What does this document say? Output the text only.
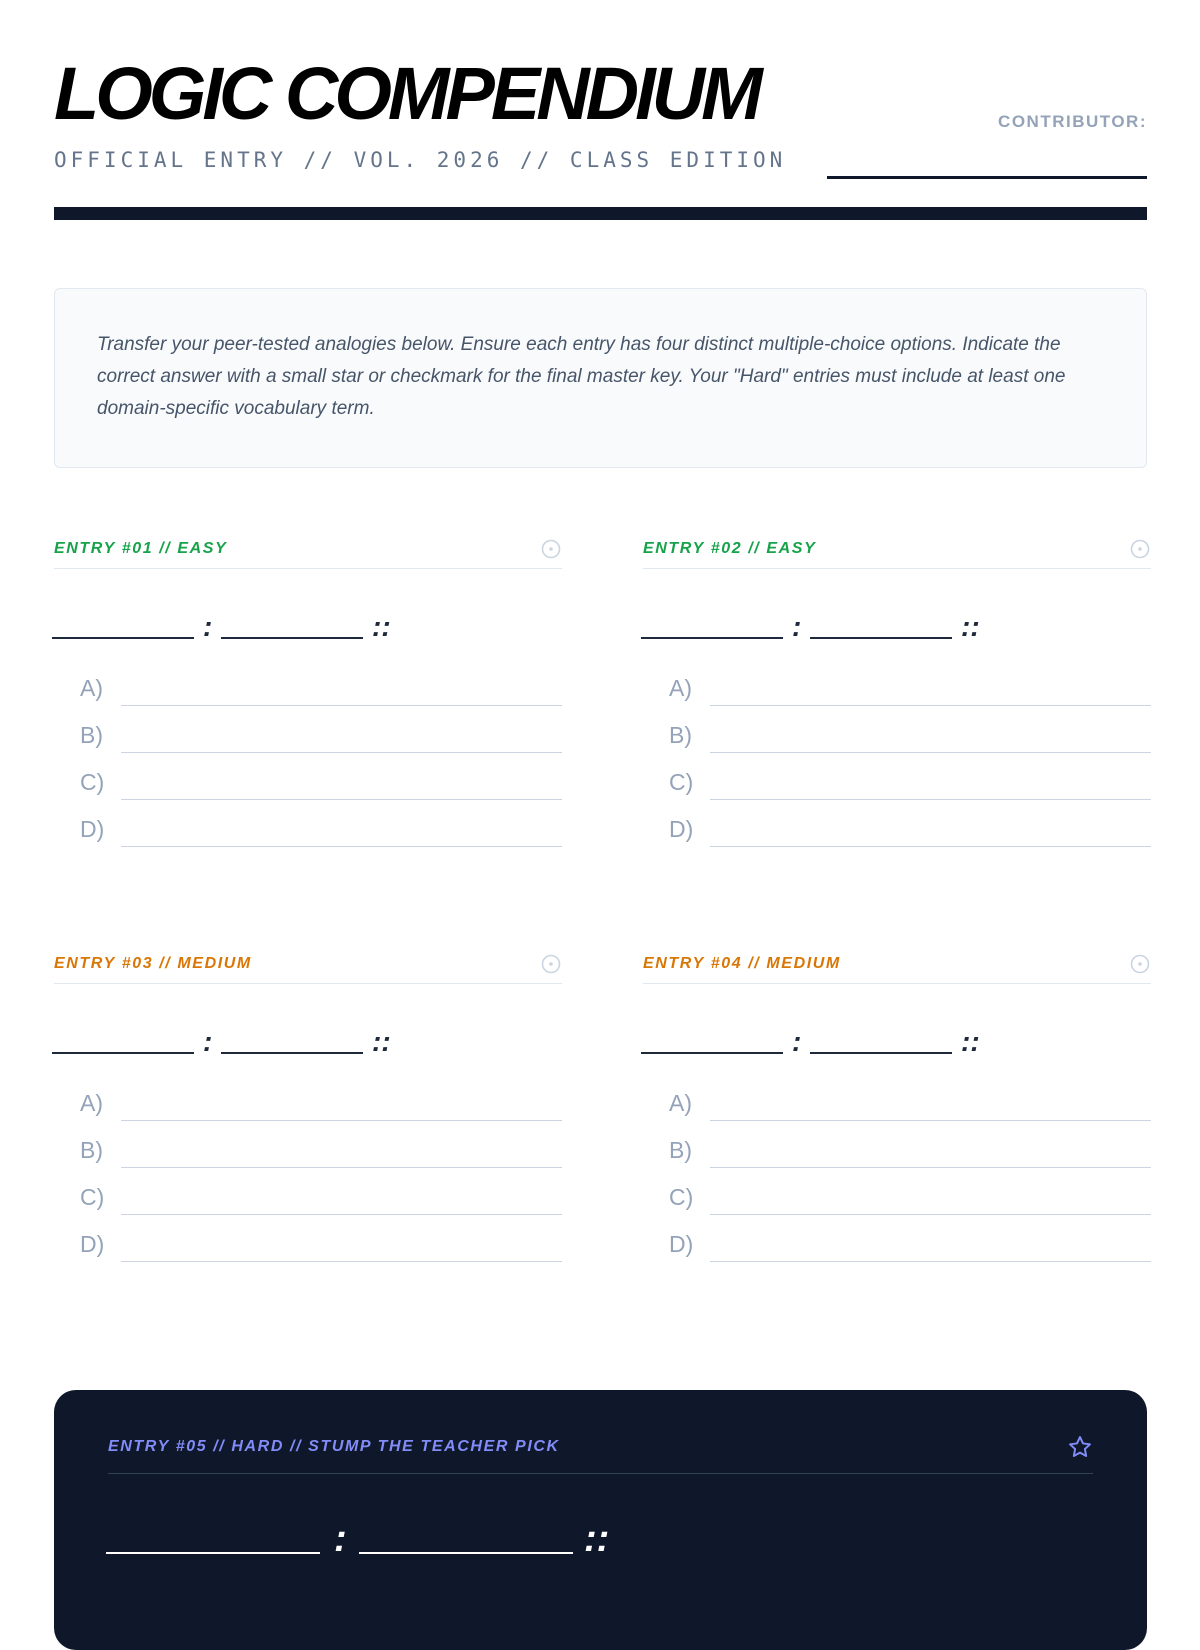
LOGIC COMPENDIUM
OFFICIAL ENTRY // VOL. 2026 // CLASS EDITION
CONTRIBUTOR:

Transfer your peer-tested analogies below. Ensure each entry has four distinct multiple-choice options. Indicate the correct answer with a small star or checkmark for the final master key. Your "Hard" entries must include at least one domain-specific vocabulary term.

ENTRY #01 // EASY
:	::
A)
B)
C)
D)
ENTRY #02 // EASY
:	::
A)
B)
C)
D)
ENTRY #03 // MEDIUM
:	::
A)
B)
C)
D)
ENTRY #04 // MEDIUM
:	::
A)
B)
C)
D)
ENTRY #05 // HARD // STUMP THE TEACHER PICK
:	::
